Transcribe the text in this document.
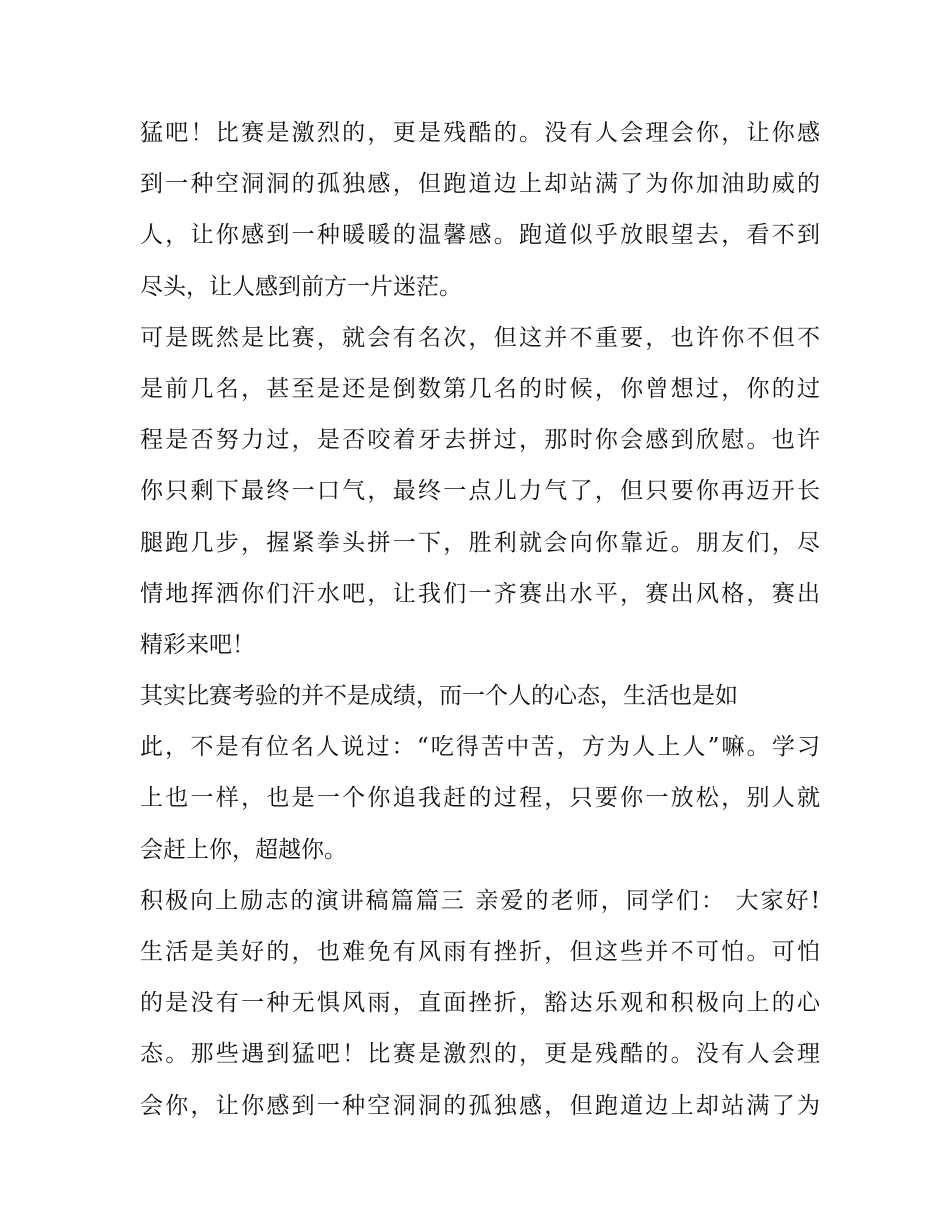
猛吧！比赛是激烈的，更是残酷的。没有人会理会你，让你感
到一种空洞洞的孤独感，但跑道边上却站满了为你加油助威的
人，让你感到一种暖暖的温馨感。跑道似乎放眼望去，看不到
尽头，让人感到前方一片迷茫。
可是既然是比赛，就会有名次，但这并不重要，也许你不但不
是前几名，甚至是还是倒数第几名的时候，你曾想过，你的过
程是否努力过，是否咬着牙去拼过，那时你会感到欣慰。也许
你只剩下最终一口气，最终一点儿力气了，但只要你再迈开长
腿跑几步，握紧拳头拼一下，胜利就会向你靠近。朋友们，尽
情地挥洒你们汗水吧，让我们一齐赛出水平，赛出风格，赛出
精彩来吧！
其实比赛考验的并不是成绩，而一个人的心态，生活也是如
此，不是有位名人说过：“吃得苦中苦，方为人上人”嘛。学习
上也一样，也是一个你追我赶的过程，只要你一放松，别人就
会赶上你，超越你。
积极向上励志的演讲稿篇篇三 亲爱的老师，同学们： 大家好!
生活是美好的，也难免有风雨有挫折，但这些并不可怕。可怕
的是没有一种无惧风雨，直面挫折，豁达乐观和积极向上的心
态。那些遇到猛吧！比赛是激烈的，更是残酷的。没有人会理
会你，让你感到一种空洞洞的孤独感，但跑道边上却站满了为
